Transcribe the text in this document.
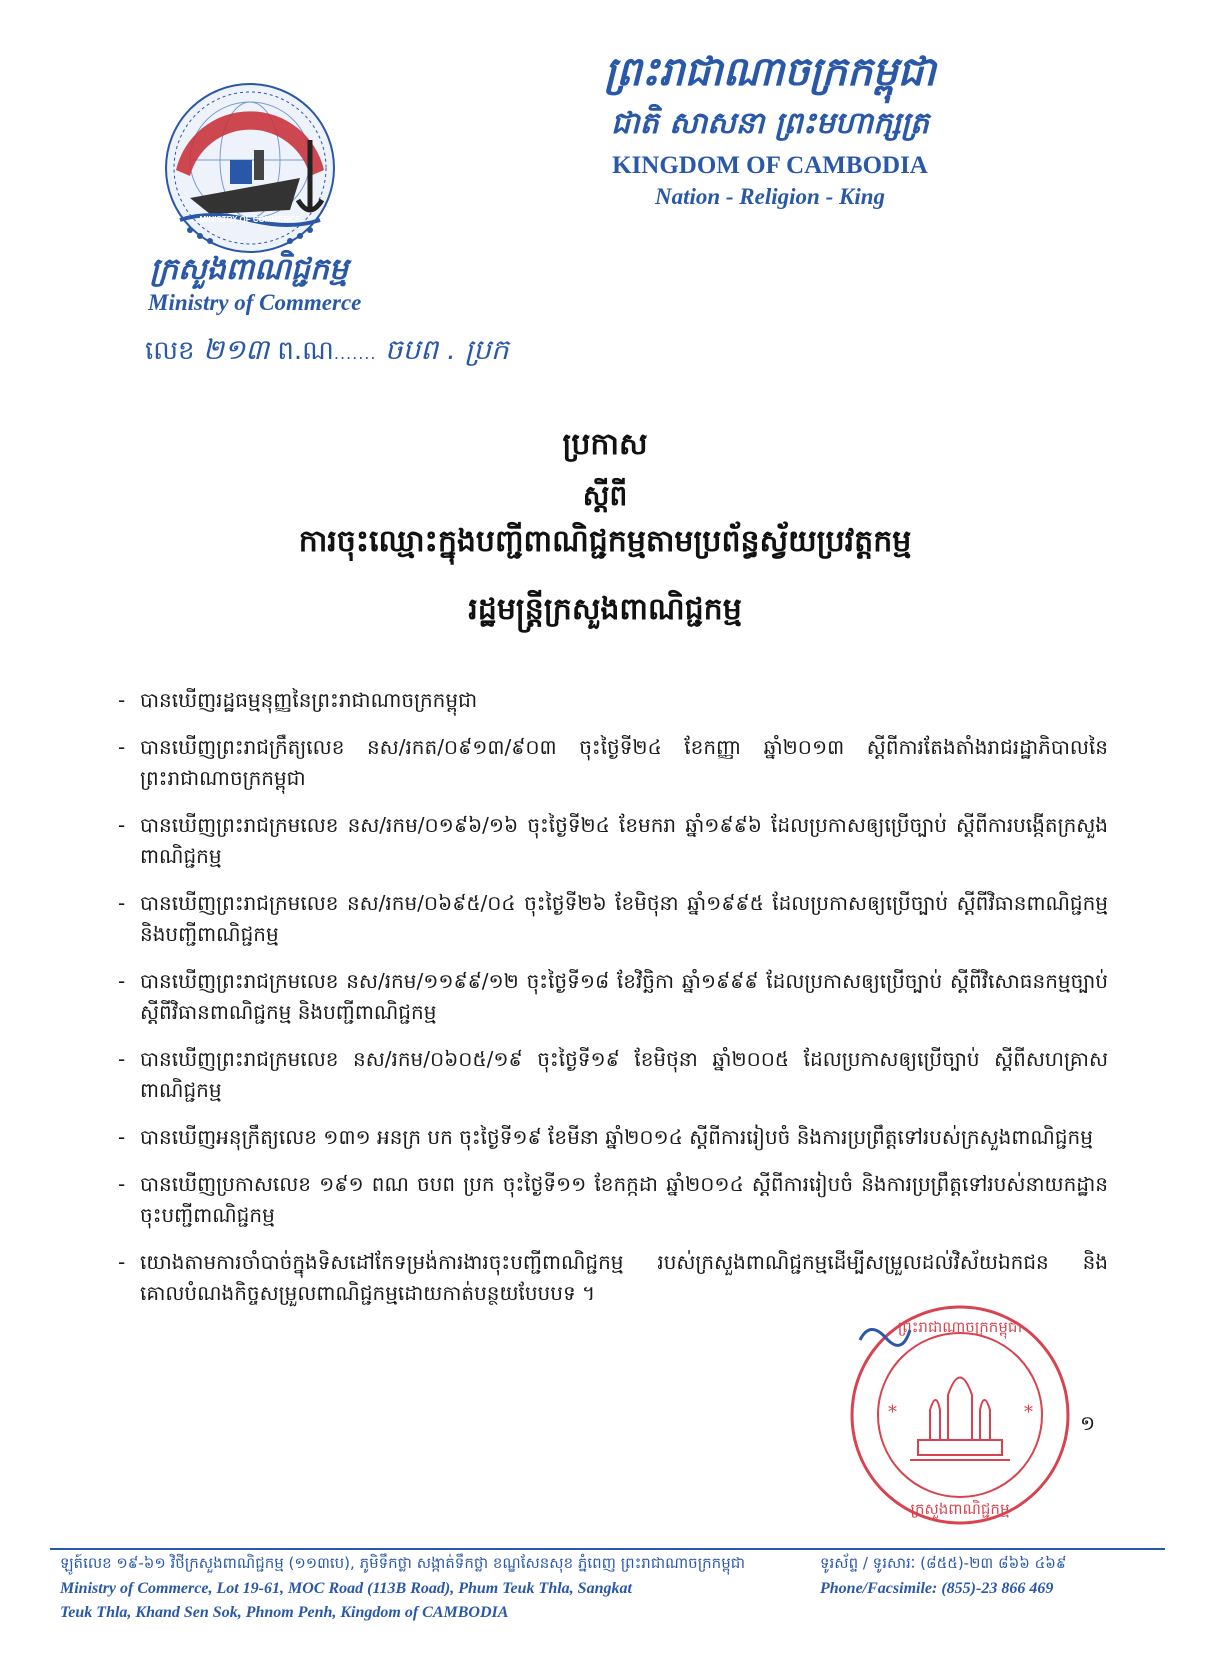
MINISTRY OF COMMERCE
ក្រសួងពាណិជ្ជកម្ម
Ministry of Commerce
លេខ ២១៣ ព.ណ....... ចបព . ប្រក
ព្រះរាជាណាចក្រកម្ពុជា
ជាតិ សាសនា ព្រះមហាក្សត្រ
KINGDOM OF CAMBODIA
Nation - Religion - King
ប្រកាស
ស្តីពី
ការចុះឈ្មោះក្នុងបញ្ជីពាណិជ្ជកម្មតាមប្រព័ន្ធស្វ័យប្រវត្តកម្ម
រដ្ឋមន្រ្តីក្រសួងពាណិជ្ជកម្ម
- បានឃើញរដ្ឋធម្មនុញ្ញនៃព្រះរាជាណាចក្រកម្ពុជា
- បានឃើញព្រះរាជក្រឹត្យលេខ នស/រកត/០៩១៣/៩០៣ ចុះថ្ងៃទី២៤ ខែកញ្ញា ឆ្នាំ២០១៣ ស្តីពីការតែងតាំងរាជរដ្ឋាភិបាលនៃព្រះរាជាណាចក្រកម្ពុជា
- បានឃើញព្រះរាជក្រមលេខ នស/រកម/០១៩៦/១៦ ចុះថ្ងៃទី២៤ ខែមករា ឆ្នាំ១៩៩៦ ដែលប្រកាសឲ្យប្រើច្បាប់ ស្តីពីការបង្កើតក្រសួងពាណិជ្ជកម្ម
- បានឃើញព្រះរាជក្រមលេខ នស/រកម/០៦៩៥/០៤ ចុះថ្ងៃទី២៦ ខែមិថុនា ឆ្នាំ១៩៩៥ ដែលប្រកាសឲ្យប្រើច្បាប់ ស្តីពីវិធានពាណិជ្ជកម្ម និងបញ្ជីពាណិជ្ជកម្ម
- បានឃើញព្រះរាជក្រមលេខ នស/រកម/១១៩៩/១២ ចុះថ្ងៃទី១៨ ខែវិច្ឆិកា ឆ្នាំ១៩៩៩ ដែលប្រកាសឲ្យប្រើច្បាប់ ស្តីពីវិសោធនកម្មច្បាប់ស្តីពីវិធានពាណិជ្ជកម្ម និងបញ្ជីពាណិជ្ជកម្ម
- បានឃើញព្រះរាជក្រមលេខ នស/រកម/០៦០៥/១៩ ចុះថ្ងៃទី១៩ ខែមិថុនា ឆ្នាំ២០០៥ ដែលប្រកាសឲ្យប្រើច្បាប់ ស្តីពីសហគ្រាសពាណិជ្ជកម្ម
- បានឃើញអនុក្រឹត្យលេខ ១៣១ អនក្រ បក ចុះថ្ងៃទី១៩ ខែមីនា ឆ្នាំ២០១៤ ស្តីពីការរៀបចំ និងការប្រព្រឹត្តទៅរបស់ក្រសួងពាណិជ្ជកម្ម
- បានឃើញប្រកាសលេខ ១៩១ ពណ ចបព ប្រក ចុះថ្ងៃទី១១ ខែកក្កដា ឆ្នាំ២០១៤ ស្តីពីការរៀបចំ និងការប្រព្រឹត្តទៅរបស់នាយកដ្ឋានចុះបញ្ជីពាណិជ្ជកម្ម
- យោងតាមការចាំបាច់ក្នុងទិសដៅកែទម្រង់ការងារចុះបញ្ជីពាណិជ្ជកម្ម របស់ក្រសួងពាណិជ្ជកម្មដើម្បីសម្រួលដល់វិស័យឯកជន និងគោលបំណងកិច្ចសម្រួលពាណិជ្ជកម្មដោយកាត់បន្ថយបែបបទ ។
*	*
ព្រះរាជាណាចក្រកម្ពុជា
ក្រសួងពាណិជ្ជកម្ម
១
ឡូត៍លេខ ១៩-៦១ វិថីក្រសួងពាណិជ្ជកម្ម (១១៣បេ), ភូមិទឹកថ្លា សង្កាត់ទឹកថ្លា ខណ្ឌសែនសុខ ភ្នំពេញ ព្រះរាជាណាចក្រកម្ពុជា
Ministry of Commerce, Lot 19-61, MOC Road (113B Road), Phum Teuk Thla, Sangkat
Teuk Thla, Khand Sen Sok, Phnom Penh, Kingdom of CAMBODIA
ទូរស័ព្ទ / ទូរសារៈ (៨៥៥)-២៣ ៨៦៦ ៤៦៩
Phone/Facsimile: (855)-23 866 469
